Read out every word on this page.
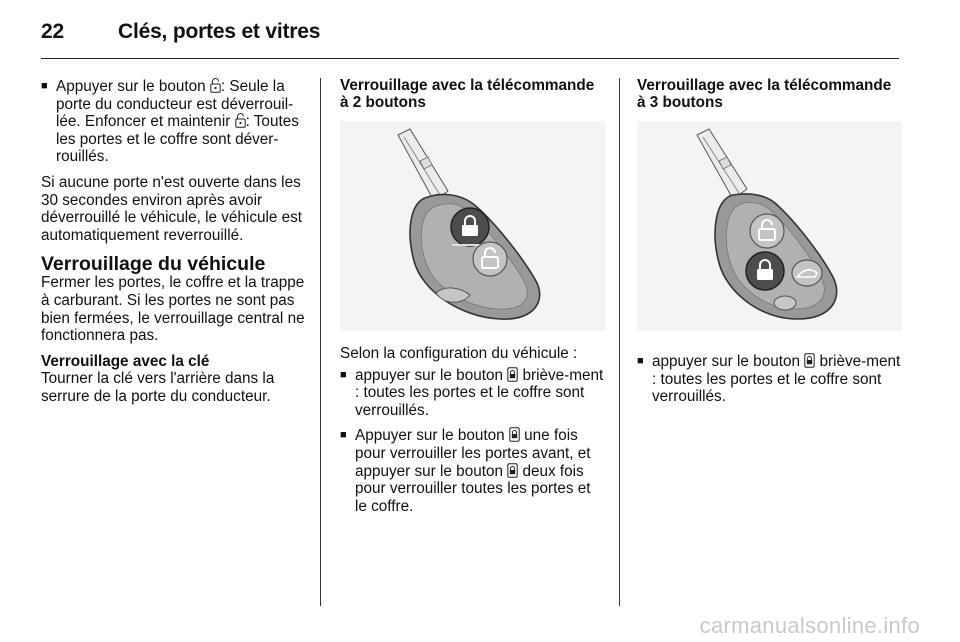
22	Clés, portes et vitres
■ Appuyer sur le bouton : Seule la porte du conducteur est déverrouil-lée. Enfoncer et maintenir : Toutes les portes et le coffre sont déver-rouillés.

Si aucune porte n'est ouverte dans les 30 secondes environ après avoir déverrouillé le véhicule, le véhicule est automatiquement reverrouillé.

Verrouillage du véhicule

Fermer les portes, le coffre et la trappe à carburant. Si les portes ne sont pas bien fermées, le verrouillage central ne fonctionnera pas.

Verrouillage avec la clé

Tourner la clé vers l'arrière dans la serrure de la porte du conducteur.

Verrouillage avec la télécommande
à 2 boutons

Selon la configuration du véhicule :

■ appuyer sur le bouton briève-ment : toutes les portes et le coffre sont verrouillés.
■ Appuyer sur le bouton une fois pour verrouiller les portes avant, et appuyer sur le bouton deux fois pour verrouiller toutes les portes et le coffre.
Verrouillage avec la télécommande
à 3 boutons
■ appuyer sur le bouton briève-ment : toutes les portes et le coffre sont verrouillés.
carmanualsonline.info
